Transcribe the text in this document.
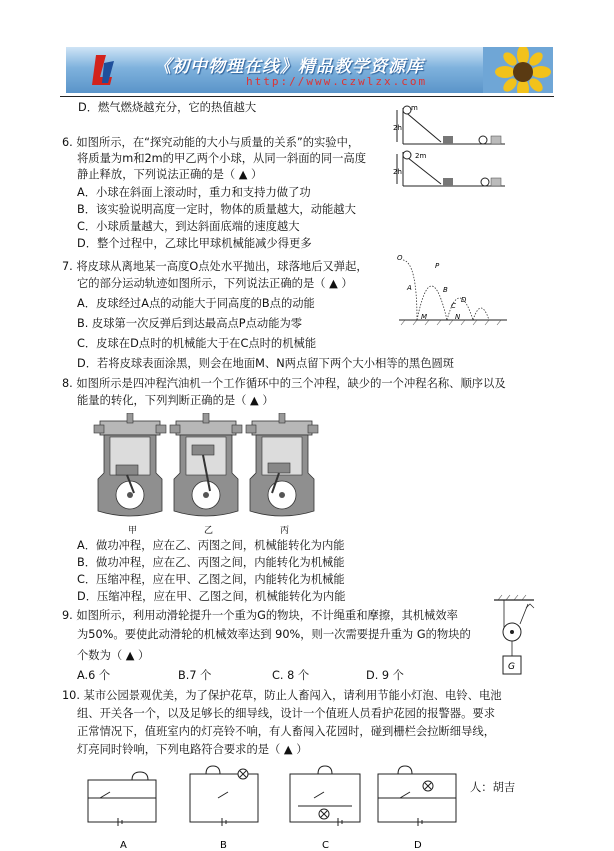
《初中物理在线》精品教学资源库
http://www.czwlzx.com
D．燃气燃烧越充分，它的热值越大
6. 如图所示，在“探究动能的大小与质量的关系”的实验中，
将质量为m和2m的甲乙两个小球，从同一斜面的同一高度
静止释放，下列说法正确的是（ ▲ ）
A．小球在斜面上滚动时，重力和支持力做了功
B．该实验说明高度一定时，物体的质量越大，动能越大
C．小球质量越大，到达斜面底端的速度越大
D．整个过程中，乙球比甲球机械能减少得更多
m
2m
2h
2h
7. 将皮球从离地某一高度O点处水平抛出，球落地后又弹起，
它的部分运动轨迹如图所示，下列说法正确的是（ ▲ ）
A．皮球经过A点的动能大于同高度的B点的动能
B. 皮球第一次反弹后到达最高点P点动能为零
C．皮球在D点时的机械能大于在C点时的机械能
D．若将皮球表面涂黑，则会在地面M、N两点留下两个大小相等的黑色圆斑
O
P
A	B
C
D
M	N
8. 如图所示是四冲程汽油机一个工作循环中的三个冲程，缺少的一个冲程名称、顺序以及
能量的转化，下列判断正确的是（ ▲ ）
甲	乙	丙
A．做功冲程，应在乙、丙图之间，机械能转化为内能
B．做功冲程，应在乙、丙图之间，内能转化为机械能
C．压缩冲程，应在甲、乙图之间，内能转化为机械能
D．压缩冲程，应在甲、乙图之间，机械能转化为内能
9. 如图所示，利用动滑轮提升一个重为G的物块，不计绳重和摩擦，其机械效率
为50%。要使此动滑轮的机械效率达到 90%，则一次需要提升重为 G的物块的
个数为（ ▲ ）
A.6 个	B.7 个	C. 8 个	D. 9 个
G
10. 某市公园景观优美，为了保护花草，防止人畜闯入，请利用节能小灯泡、电铃、电池
组、开关各一个，以及足够长的细导线，设计一个值班人员看护花园的报警器。要求
正常情况下，值班室内的灯亮铃不响，有人畜闯入花园时，碰到栅栏会拉断细导线，
灯亮同时铃响，下列电路符合要求的是（ ▲ ）
人：胡吉
A	B	C	D
